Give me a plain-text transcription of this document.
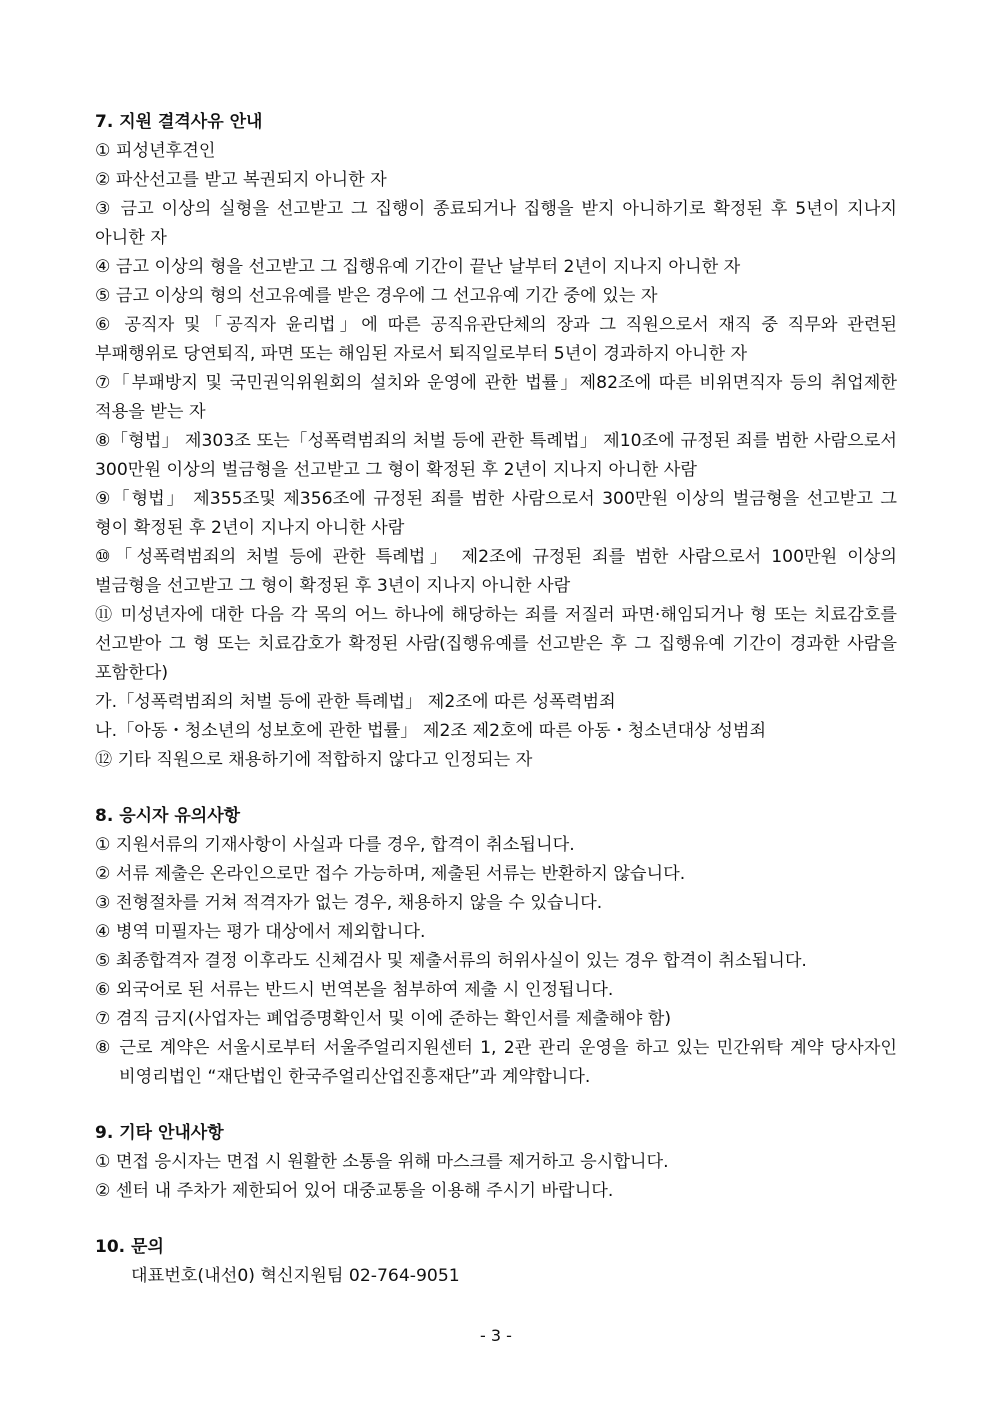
7. 지원 결격사유 안내
① 피성년후견인
② 파산선고를 받고 복권되지 아니한 자
③ 금고 이상의 실형을 선고받고 그 집행이 종료되거나 집행을 받지 아니하기로 확정된 후 5년이 지나지 아니한 자
④ 금고 이상의 형을 선고받고 그 집행유예 기간이 끝난 날부터 2년이 지나지 아니한 자
⑤ 금고 이상의 형의 선고유예를 받은 경우에 그 선고유예 기간 중에 있는 자
⑥ 공직자 및「공직자 윤리법」에 따른 공직유관단체의 장과 그 직원으로서 재직 중 직무와 관련된 부패행위로 당연퇴직, 파면 또는 해임된 자로서 퇴직일로부터 5년이 경과하지 아니한 자
⑦「부패방지 및 국민권익위원회의 설치와 운영에 관한 법률」제82조에 따른 비위면직자 등의 취업제한 적용을 받는 자
⑧「형법」 제303조 또는「성폭력범죄의 처벌 등에 관한 특례법」 제10조에 규정된 죄를 범한 사람으로서 300만원 이상의 벌금형을 선고받고 그 형이 확정된 후 2년이 지나지 아니한 사람
⑨「형법」 제355조및 제356조에 규정된 죄를 범한 사람으로서 300만원 이상의 벌금형을 선고받고 그 형이 확정된 후 2년이 지나지 아니한 사람
⑩「성폭력범죄의 처벌 등에 관한 특례법」 제2조에 규정된 죄를 범한 사람으로서 100만원 이상의 벌금형을 선고받고 그 형이 확정된 후 3년이 지나지 아니한 사람
⑪ 미성년자에 대한 다음 각 목의 어느 하나에 해당하는 죄를 저질러 파면·해임되거나 형 또는 치료감호를 선고받아 그 형 또는 치료감호가 확정된 사람(집행유예를 선고받은 후 그 집행유예 기간이 경과한 사람을 포함한다)
가.「성폭력범죄의 처벌 등에 관한 특례법」 제2조에 따른 성폭력범죄
나.「아동・청소년의 성보호에 관한 법률」 제2조 제2호에 따른 아동・청소년대상 성범죄
⑫ 기타 직원으로 채용하기에 적합하지 않다고 인정되는 자
8. 응시자 유의사항
① 지원서류의 기재사항이 사실과 다를 경우, 합격이 취소됩니다.
② 서류 제출은 온라인으로만 접수 가능하며, 제출된 서류는 반환하지 않습니다.
③ 전형절차를 거쳐 적격자가 없는 경우, 채용하지 않을 수 있습니다.
④ 병역 미필자는 평가 대상에서 제외합니다.
⑤ 최종합격자 결정 이후라도 신체검사 및 제출서류의 허위사실이 있는 경우 합격이 취소됩니다.
⑥ 외국어로 된 서류는 반드시 번역본을 첨부하여 제출 시 인정됩니다.
⑦ 겸직 금지(사업자는 폐업증명확인서 및 이에 준하는 확인서를 제출해야 함)
⑧ 근로 계약은 서울시로부터 서울주얼리지원센터 1, 2관 관리 운영을 하고 있는 민간위탁 계약 당사자인 비영리법인 “재단법인 한국주얼리산업진흥재단”과 계약합니다.
9. 기타 안내사항
① 면접 응시자는 면접 시 원활한 소통을 위해 마스크를 제거하고 응시합니다.
② 센터 내 주차가 제한되어 있어 대중교통을 이용해 주시기 바랍니다.
10. 문의
대표번호(내선0) 혁신지원팀 02-764-9051
- 3 -
